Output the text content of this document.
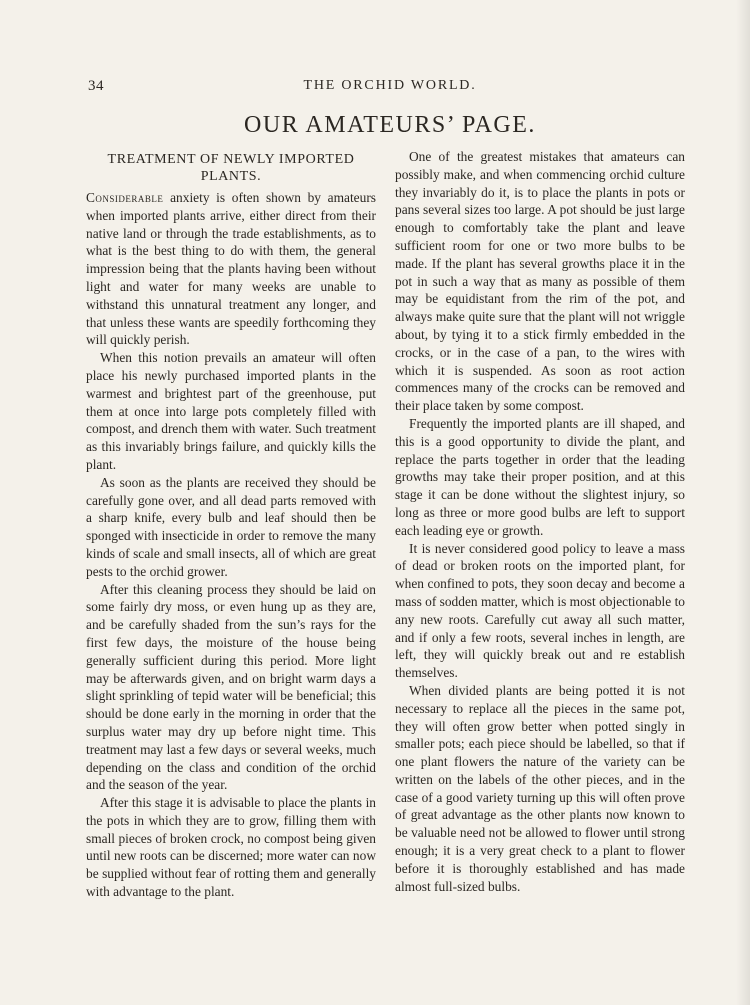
34	THE ORCHID WORLD.
OUR AMATEURS’ PAGE.
TREATMENT OF NEWLY IMPORTED PLANTS.

Considerable anxiety is often shown by amateurs when imported plants arrive, either direct from their native land or through the trade establishments, as to what is the best thing to do with them, the general impression being that the plants having been without light and water for many weeks are unable to withstand this unnatural treatment any longer, and that unless these wants are speedily forthcoming they will quickly perish.

When this notion prevails an amateur will often place his newly purchased imported plants in the warmest and brightest part of the greenhouse, put them at once into large pots completely filled with compost, and drench them with water. Such treatment as this invariably brings failure, and quickly kills the plant.

As soon as the plants are received they should be carefully gone over, and all dead parts removed with a sharp knife, every bulb and leaf should then be sponged with insecticide in order to remove the many kinds of scale and small insects, all of which are great pests to the orchid grower.

After this cleaning process they should be laid on some fairly dry moss, or even hung up as they are, and be carefully shaded from the sun’s rays for the first few days, the moisture of the house being generally sufficient during this period. More light may be afterwards given, and on bright warm days a slight sprinkling of tepid water will be beneficial; this should be done early in the morning in order that the surplus water may dry up before night time. This treatment may last a few days or several weeks, much depending on the class and condition of the orchid and the season of the year.

After this stage it is advisable to place the plants in the pots in which they are to grow, filling them with small pieces of broken crock, no compost being given until new roots can be discerned; more water can now be supplied without fear of rotting them and generally with advantage to the plant.

One of the greatest mistakes that amateurs can possibly make, and when commencing orchid culture they invariably do it, is to place the plants in pots or pans several sizes too large. A pot should be just large enough to comfortably take the plant and leave sufficient room for one or two more bulbs to be made. If the plant has several growths place it in the pot in such a way that as many as possible of them may be equidistant from the rim of the pot, and always make quite sure that the plant will not wriggle about, by tying it to a stick firmly embedded in the crocks, or in the case of a pan, to the wires with which it is suspended. As soon as root action commences many of the crocks can be removed and their place taken by some compost.

Frequently the imported plants are ill shaped, and this is a good opportunity to divide the plant, and replace the parts together in order that the leading growths may take their proper position, and at this stage it can be done without the slightest injury, so long as three or more good bulbs are left to support each leading eye or growth.

It is never considered good policy to leave a mass of dead or broken roots on the imported plant, for when confined to pots, they soon decay and become a mass of sodden matter, which is most objectionable to any new roots. Carefully cut away all such matter, and if only a few roots, several inches in length, are left, they will quickly break out and re establish themselves.

When divided plants are being potted it is not necessary to replace all the pieces in the same pot, they will often grow better when potted singly in smaller pots; each piece should be labelled, so that if one plant flowers the nature of the variety can be written on the labels of the other pieces, and in the case of a good variety turning up this will often prove of great advantage as the other plants now known to be valuable need not be allowed to flower until strong enough; it is a very great check to a plant to flower before it is thoroughly established and has made almost full-sized bulbs.
